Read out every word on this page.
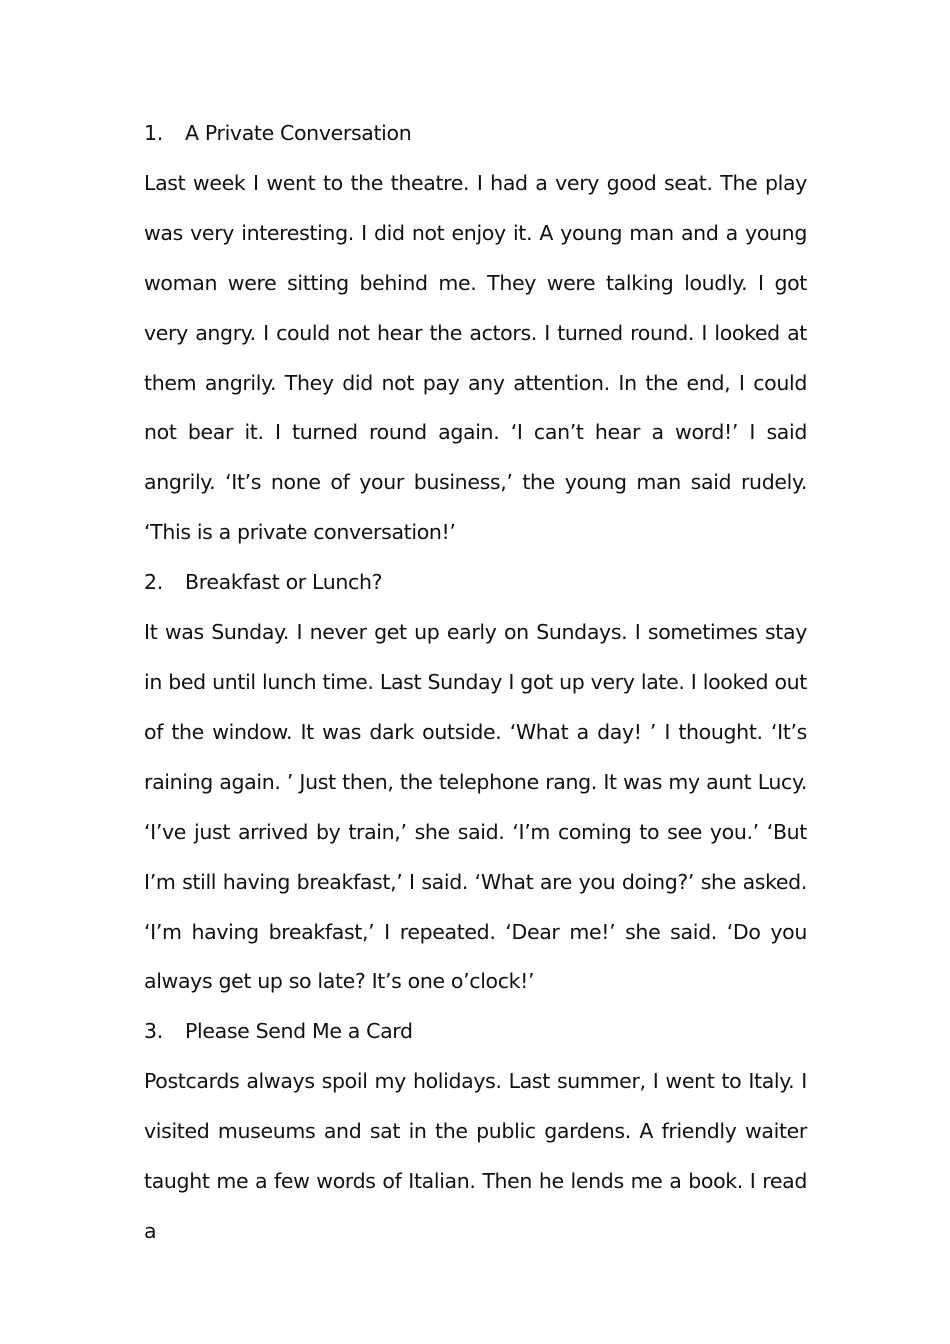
1.	A Private Conversation

Last week I went to the theatre. I had a very good seat. The play was very interesting. I did not enjoy it. A young man and a young woman were sitting behind me. They were talking loudly. I got very angry. I could not hear the actors. I turned round. I looked at them angrily. They did not pay any attention. In the end, I could not bear it. I turned round again. ‘I can’t hear a word!’ I said angrily. ‘It’s none of your business,’ the young man said rudely. ‘This is a private conversation!’

2.	Breakfast or Lunch?

It was Sunday. I never get up early on Sundays. I sometimes stay in bed until lunch time. Last Sunday I got up very late. I looked out of the window. It was dark outside. ‘What a day! ’ I thought. ‘It’s raining again. ’ Just then, the telephone rang. It was my aunt Lucy. ‘I’ve just arrived by train,’ she said. ‘I’m coming to see you.’ ‘But I’m still having breakfast,’ I said. ‘What are you doing?’ she asked. ‘I’m having breakfast,’ I repeated. ‘Dear me!’ she said. ‘Do you always get up so late? It’s one o’clock!’

3.	Please Send Me a Card

Postcards always spoil my holidays. Last summer, I went to Italy. I visited museums and sat in the public gardens. A friendly waiter taught me a few words of Italian. Then he lends me a book. I read a
